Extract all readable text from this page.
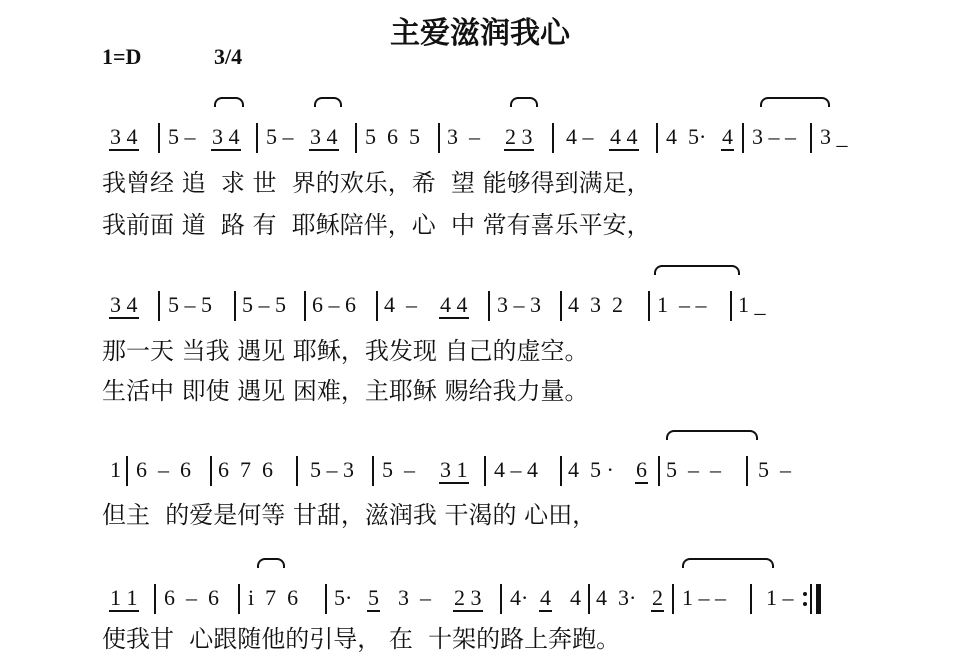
主爱滋润我心
1=D	3/4
3 4 5 – 3 4 5 – 3 4 5  6  5 3  – 2 3 4 – 4 4 4  5· 4 3 – – 3 _
我曾经 追  求 世  界的欢乐，希  望 能够得到满足，
我前面 道  路 有  耶稣陪伴，心  中 常有喜乐平安，
3 4 5 – 5 5 – 5 6 – 6 4  – 4 4 3 – 3 4  3  2 1  – – 1 _
那一天 当我 遇见 耶稣，我发现 自己的虚空。
生活中 即使 遇见 困难，主耶稣 赐给我力量。
1 6  –  6 6  7  6 5 – 3 5  – 3 1 4 – 4 4  5 · 6 5  –  – 5  –
但主  的爱是何等 甘甜，滋润我 干渴的 心田，
1 1 6  –  6 i  7  6 5· 5 3  – 2 3 4· 4 4 4  3· 2 1 – – 1 –
使我甘  心跟随他的引导， 在  十架的路上奔跑。
